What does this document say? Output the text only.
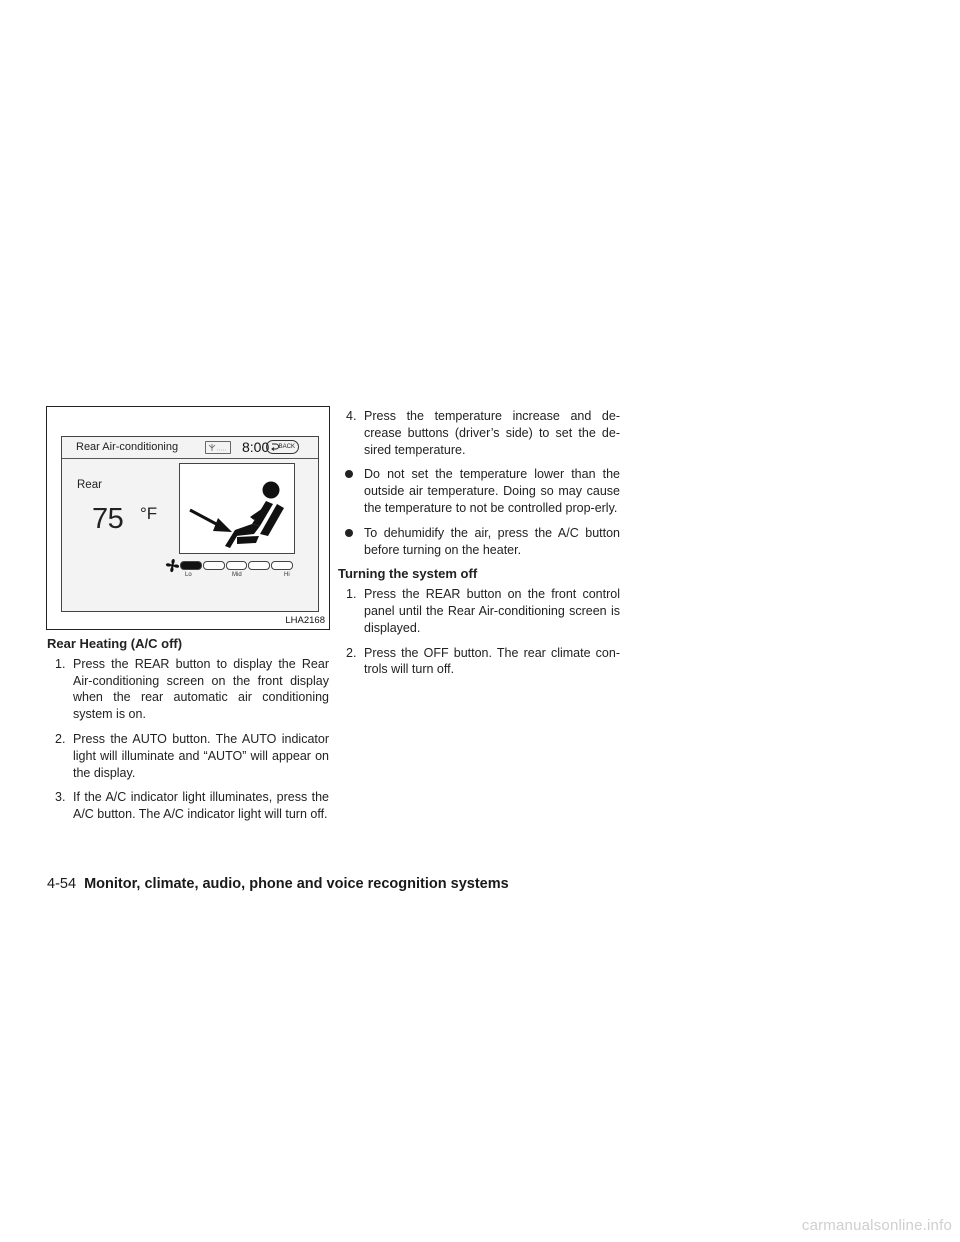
Rear Air-conditioning	8:00	BACK
Rear
75 °F
Lo	Mid	Hi
LHA2168
Rear Heating (A/C off)
1. Press the REAR button to display the Rear Air-conditioning screen on the front display when the rear automatic air conditioning system is on.
2. Press the AUTO button. The AUTO indicator light will illuminate and “AUTO” will appear on the display.
3. If the A/C indicator light illuminates, press the A/C button. The A/C indicator light will turn off.
4. Press the temperature increase and de-crease buttons (driver’s side) to set the de-sired temperature.
Do not set the temperature lower than the outside air temperature. Doing so may cause the temperature to not be controlled prop-erly.
To dehumidify the air, press the A/C button before turning on the heater.
Turning the system off
1. Press the REAR button on the front control panel until the Rear Air-conditioning screen is displayed.
2. Press the OFF button. The rear climate con-trols will turn off.
4-54 Monitor, climate, audio, phone and voice recognition systems
carmanualsonline.info
